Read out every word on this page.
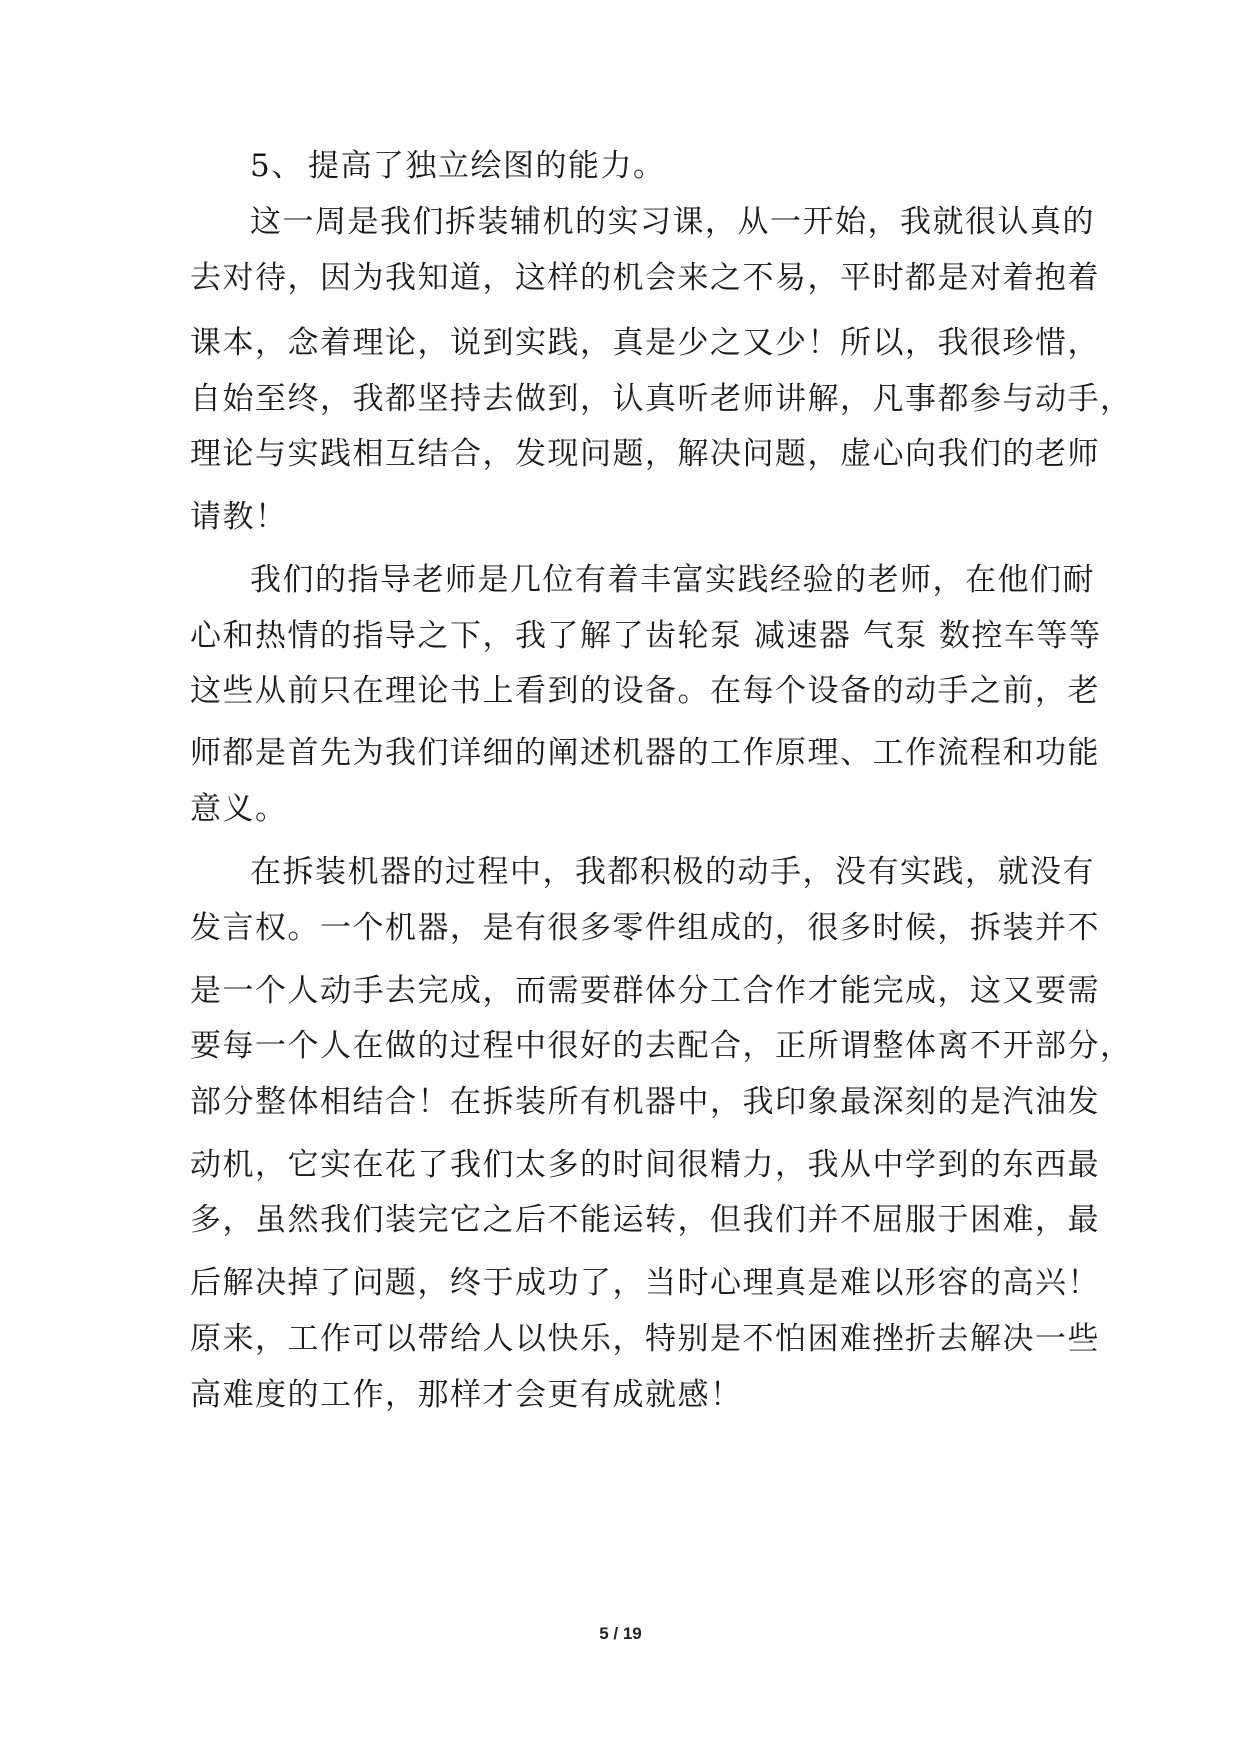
5、 提高了独立绘图的能力。
这一周是我们拆装辅机的实习课，从一开始，我就很认真的
去对待，因为我知道，这样的机会来之不易，平时都是对着抱着
课本，念着理论，说到实践，真是少之又少！所以，我很珍惜，
自始至终，我都坚持去做到，认真听老师讲解，凡事都参与动手，
理论与实践相互结合，发现问题，解决问题，虚心向我们的老师
请教！
我们的指导老师是几位有着丰富实践经验的老师，在他们耐
心和热情的指导之下，我了解了齿轮泵 减速器 气泵 数控车等等
这些从前只在理论书上看到的设备。在每个设备的动手之前，老
师都是首先为我们详细的阐述机器的工作原理、工作流程和功能
意义。
在拆装机器的过程中，我都积极的动手，没有实践，就没有
发言权。一个机器，是有很多零件组成的，很多时候，拆装并不
是一个人动手去完成，而需要群体分工合作才能完成，这又要需
要每一个人在做的过程中很好的去配合，正所谓整体离不开部分，
部分整体相结合！在拆装所有机器中，我印象最深刻的是汽油发
动机，它实在花了我们太多的时间很精力，我从中学到的东西最
多，虽然我们装完它之后不能运转，但我们并不屈服于困难，最
后解决掉了问题，终于成功了，当时心理真是难以形容的高兴！
原来，工作可以带给人以快乐，特别是不怕困难挫折去解决一些
高难度的工作，那样才会更有成就感！
5 / 19
